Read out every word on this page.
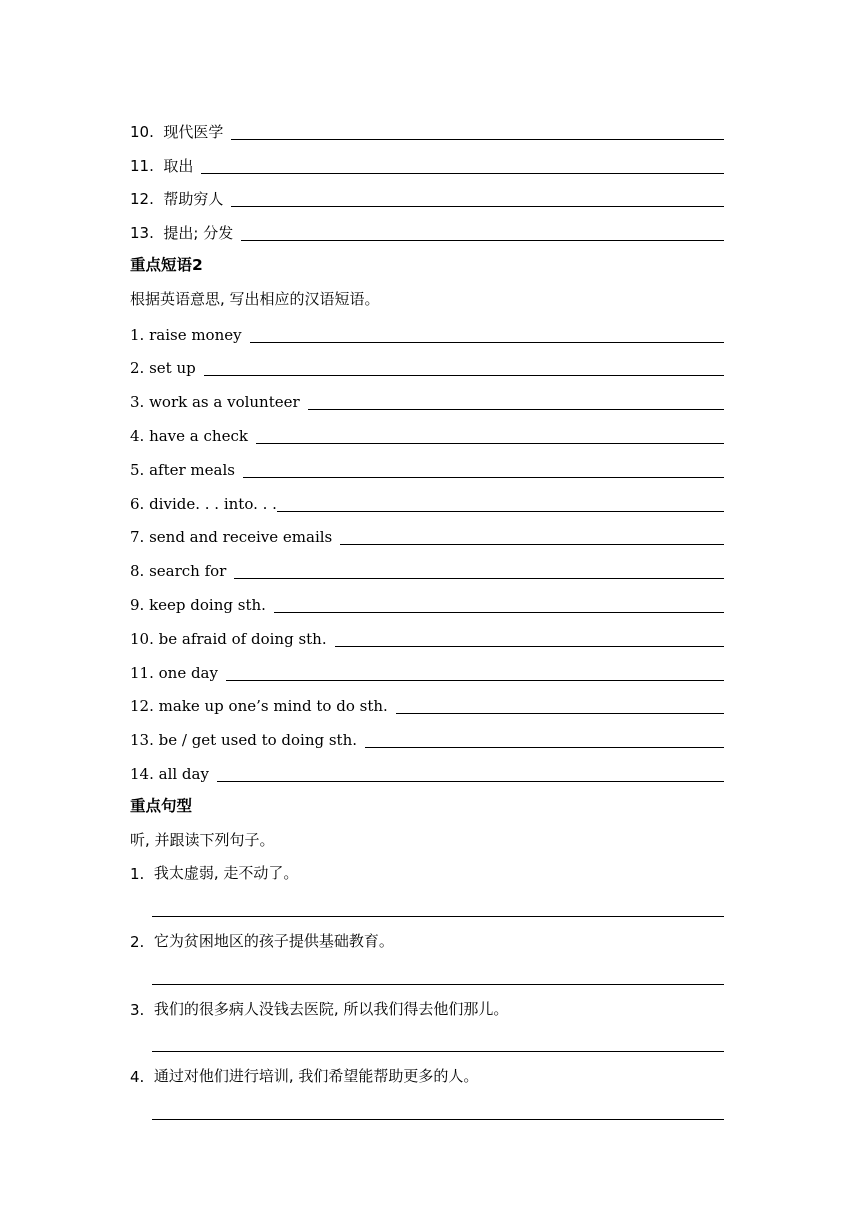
10. 现代医学
11. 取出
12. 帮助穷人
13. 提出; 分发
重点短语2
根据英语意思, 写出相应的汉语短语。
1. raise money
2. set up
3. work as a volunteer
4. have a check
5. after meals
6. divide. . . into. . .
7. send and receive emails
8. search for
9. keep doing sth.
10. be afraid of doing sth.
11. one day
12. make up one’s mind to do sth.
13. be / get used to doing sth.
14. all day
重点句型
听, 并跟读下列句子。
1.
我太虚弱, 走不动了。
2.
它为贫困地区的孩子提供基础教育。
3.
我们的很多病人没钱去医院, 所以我们得去他们那儿。
4.
通过对他们进行培训, 我们希望能帮助更多的人。
